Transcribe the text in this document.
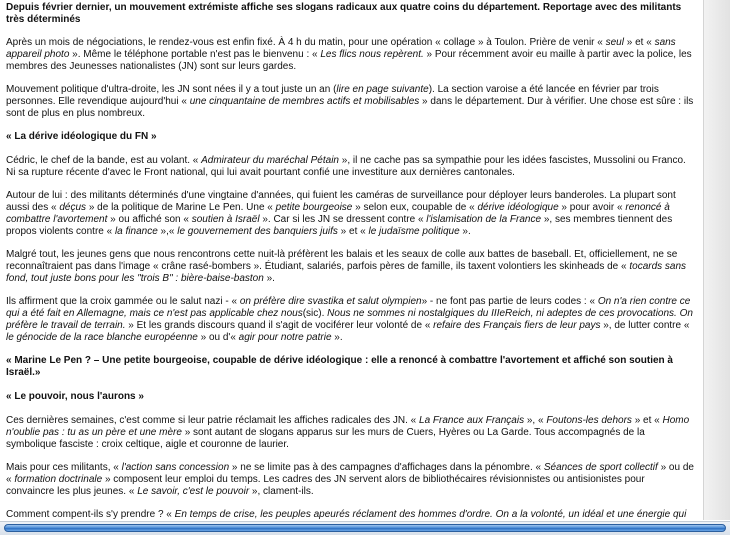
Depuis février dernier, un mouvement extrémiste affiche ses slogans radicaux aux quatre coins du département. Reportage avec des militants très déterminés

Après un mois de négociations, le rendez-vous est enfin fixé. À 4 h du matin, pour une opération « collage » à Toulon. Prière de venir « seul » et « sans appareil photo ». Même le téléphone portable n'est pas le bienvenu : « Les flics nous repèrent. » Pour récemment avoir eu maille à partir avec la police, les membres des Jeunesses nationalistes (JN) sont sur leurs gardes.

Mouvement politique d'ultra-droite, les JN sont nées il y a tout juste un an (lire en page suivante). La section varoise a été lancée en février par trois personnes. Elle revendique aujourd'hui « une cinquantaine de membres actifs et mobilisables » dans le département. Dur à vérifier. Une chose est sûre : ils sont de plus en plus nombreux.

« La dérive idéologique du FN »

Cédric, le chef de la bande, est au volant. « Admirateur du maréchal Pétain », il ne cache pas sa sympathie pour les idées fascistes, Mussolini ou Franco. Ni sa rupture récente d'avec le Front national, qui lui avait pourtant confié une investiture aux dernières cantonales.

Autour de lui : des militants déterminés d'une vingtaine d'années, qui fuient les caméras de surveillance pour déployer leurs banderoles. La plupart sont aussi des « déçus » de la politique de Marine Le Pen. Une « petite bourgeoise » selon eux, coupable de « dérive idéologique » pour avoir « renoncé à combattre l'avortement » ou affiché son « soutien à Israël ». Car si les JN se dressent contre « l'islamisation de la France », ses membres tiennent des propos violents contre « la finance »,« le gouvernement des banquiers juifs » et « le judaïsme politique ».

Malgré tout, les jeunes gens que nous rencontrons cette nuit-là préfèrent les balais et les seaux de colle aux battes de baseball. Et, officiellement, ne se reconnaîtraient pas dans l'image « crâne rasé-bombers ». Étudiant, salariés, parfois pères de famille, ils taxent volontiers les skinheads de « tocards sans fond, tout juste bons pour les "trois B" : bière-baise-baston ».

Ils affirment que la croix gammée ou le salut nazi - « on préfère dire svastika et salut olympien» - ne font pas partie de leurs codes : « On n'a rien contre ce qui a été fait en Allemagne, mais ce n'est pas applicable chez nous(sic). Nous ne sommes ni nostalgiques du IIIeReich, ni adeptes de ces provocations. On préfère le travail de terrain. » Et les grands discours quand il s'agit de vociférer leur volonté de « refaire des Français fiers de leur pays », de lutter contre « le génocide de la race blanche européenne » ou d'« agir pour notre patrie ».

« Marine Le Pen ? – Une petite bourgeoise, coupable de dérive idéologique : elle a renoncé à combattre l'avortement et affiché son soutien à Israël.»

« Le pouvoir, nous l'aurons »

Ces dernières semaines, c'est comme si leur patrie réclamait les affiches radicales des JN. « La France aux Français », « Foutons-les dehors » et « Homo n'oublie pas : tu as un père et une mère » sont autant de slogans apparus sur les murs de Cuers, Hyères ou La Garde. Tous accompagnés de la symbolique fasciste : croix celtique, aigle et couronne de laurier.

Mais pour ces militants, « l'action sans concession » ne se limite pas à des campagnes d'affichages dans la pénombre. « Séances de sport collectif » ou de « formation doctrinale » composent leur emploi du temps. Les cadres des JN servent alors de bibliothécaires révisionnistes ou antisionistes pour convaincre les plus jeunes. « Le savoir, c'est le pouvoir », clament-ils.

Comment compent-ils s'y prendre ? « En temps de crise, les peuples apeurés réclament des hommes d'ordre. On a la volonté, un idéal et une énergie qui
